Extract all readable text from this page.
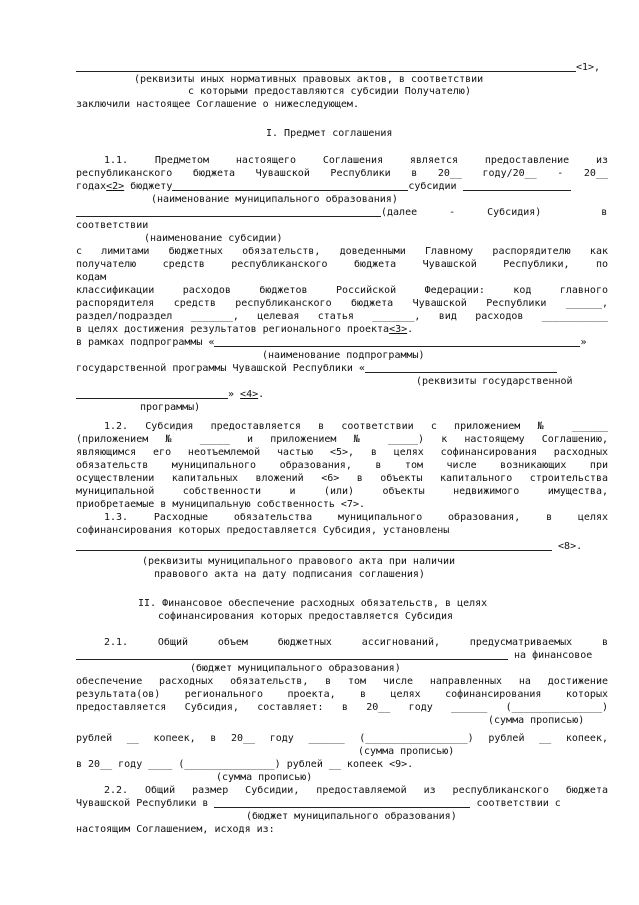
<1>,
(реквизиты иных нормативных правовых актов, в соответствии
с которыми предоставляются субсидии Получателю)
заключили настоящее Соглашение о нижеследующем.
I. Предмет соглашения
1.1. Предметом настоящего Соглашения является предоставление из
республиканского бюджета Чувашской Республики в 20__ году/20__ - 20__
годах<2> бюджету	субсидии
(наименование муниципального образования)
(далее	-	Субсидия)	в
соответствии
(наименование субсидии)
с лимитами бюджетных обязательств, доведенными Главному распорядителю как
получателю средств республиканского бюджета Чувашской Республики, по
кодам
классификации расходов бюджетов Российской Федерации: код главного
распорядителя средств республиканского бюджета Чувашской Республики ______,
раздел/подраздел _______, целевая статья _______, вид расходов ___________
в целях достижения результатов регионального проекта<3>.
в рамках подпрограммы «	»
(наименование подпрограммы)
государственной программы Чувашской Республики «
(реквизиты государственной
» <4>.
программы)
1.2. Субсидия предоставляется в соответствии с приложением № ______
(приложением № _____ и приложением № _____) к настоящему Соглашению,
являющимся его неотъемлемой частью <5>, в целях софинансирования расходных
обязательств муниципального образования, в том числе возникающих при
осуществлении капитальных вложений <6> в объекты капитального строительства
муниципальной собственности и (или) объекты недвижимого имущества,
приобретаемые в муниципальную собственность <7>.
1.3. Расходные обязательства муниципального образования, в целях
софинансирования которых предоставляется Субсидия, установлены
<8>.
(реквизиты муниципального правового акта при наличии
правового акта на дату подписания соглашения)
II. Финансовое обеспечение расходных обязательств, в целях
софинансирования которых предоставляется Субсидия
2.1. Общий объем бюджетных ассигнований, предусматриваемых в
на финансовое
(бюджет муниципального образования)
обеспечение расходных обязательств, в том числе направленных на достижение
результата(ов) регионального проекта, в целях софинансирования которых
предоставляется Субсидия, составляет: в 20__ году ______ (_______________)
(сумма прописью)
рублей __ копеек, в 20__ году ______ (_________________) рублей __ копеек,
(сумма прописью)
в 20__ году ____ (_______________) рублей __ копеек <9>.
(сумма прописью)
2.2. Общий размер Субсидии, предоставляемой из республиканского бюджета
Чувашской Республики в	соответствии с
(бюджет муниципального образования)
настоящим Соглашением, исходя из:
